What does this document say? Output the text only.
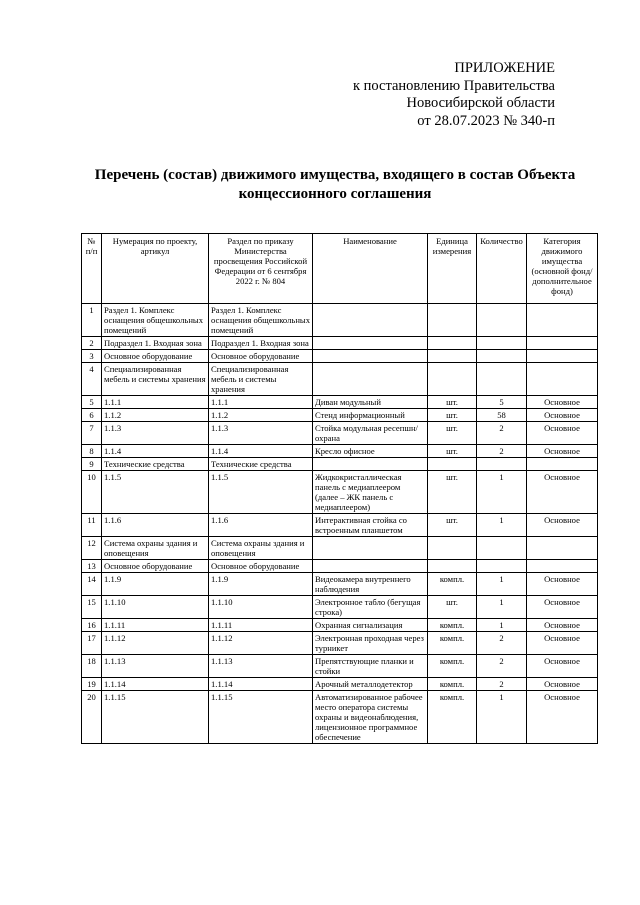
ПРИЛОЖЕНИЕ
к постановлению Правительства
Новосибирской области
от 28.07.2023 № 340-п
Перечень (состав) движимого имущества, входящего в состав Объекта
концессионного соглашения
№ п/п	Нумерация по проекту, артикул	Раздел по приказу Министерства просвещения Российской Федерации от 6 сентября 2022 г. № 804	Наименование	Единица измерения	Количество	Категория движимого имущества (основной фонд/ дополнительное фонд)
1	Раздел 1. Комплекс оснащения общешкольных помещений	Раздел 1. Комплекс оснащения общешкольных помещений				
2	Подраздел 1. Входная зона	Подраздел 1. Входная зона				
3	Основное оборудование	Основное оборудование				
4	Специализированная мебель и системы хранения	Специализированная мебель и системы хранения				
5	1.1.1	1.1.1	Диван модульный	шт.	5	Основное
6	1.1.2	1.1.2	Стенд информационный	шт.	58	Основное
7	1.1.3	1.1.3	Стойка модульная ресепшн/охрана	шт.	2	Основное
8	1.1.4	1.1.4	Кресло офисное	шт.	2	Основное
9	Технические средства	Технические средства				
10	1.1.5	1.1.5	Жидкокристаллическая панель с медиаплеером (далее – ЖК панель с медиаплеером)	шт.	1	Основное
11	1.1.6	1.1.6	Интерактивная стойка со встроенным планшетом	шт.	1	Основное
12	Система охраны здания и оповещения	Система охраны здания и оповещения				
13	Основное оборудование	Основное оборудование				
14	1.1.9	1.1.9	Видеокамера внутреннего наблюдения	компл.	1	Основное
15	1.1.10	1.1.10	Электронное табло (бегущая строка)	шт.	1	Основное
16	1.1.11	1.1.11	Охранная сигнализация	компл.	1	Основное
17	1.1.12	1.1.12	Электронная проходная через турникет	компл.	2	Основное
18	1.1.13	1.1.13	Препятствующие планки и стойки	компл.	2	Основное
19	1.1.14	1.1.14	Арочный металлодетектор	компл.	2	Основное
20	1.1.15	1.1.15	Автоматизированное рабочее место оператора системы охраны и видеонаблюдения, лицензионное программное обеспечение	компл.	1	Основное
